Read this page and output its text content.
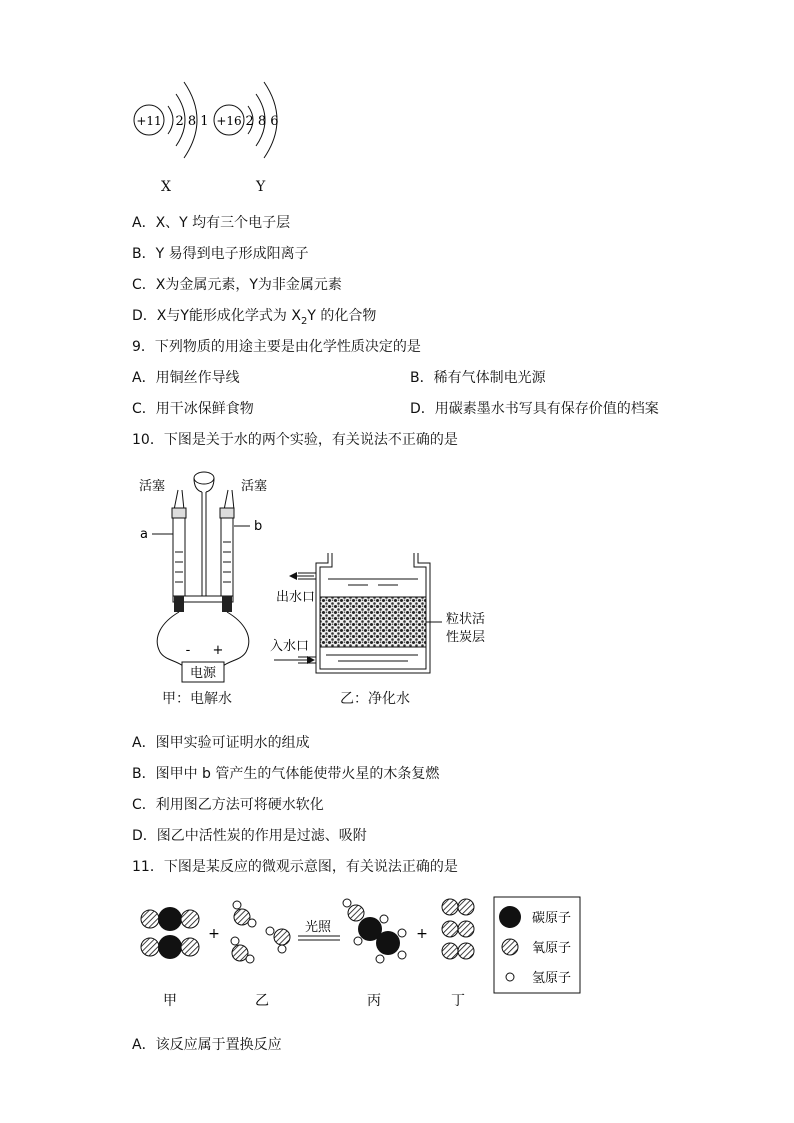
+11 2 8 1 +16 2 8 6
X	Y
A．X、Y 均有三个电子层
B．Y 易得到电子形成阳离子
C．X为金属元素，Y为非金属元素
D．X与Y能形成化学式为 $X_2Y$ 的化合物
9．下列物质的用途主要是由化学性质决定的是
A．用铜丝作导线	B．稀有气体制电光源
C．用干冰保鲜食物	D．用碳素墨水书写具有保存价值的档案
10．下图是关于水的两个实验，有关说法不正确的是
活塞	活塞
a
b
- +
电源
甲：电解水
出水口
入水口
粒状活
性炭层
乙：净化水
A．图甲实验可证明水的组成
B．图甲中 b 管产生的气体能使带火星的木条复燃
C．利用图乙方法可将硬水软化
D．图乙中活性炭的作用是过滤、吸附
11．下图是某反应的微观示意图，有关说法正确的是
+	光照	+
碳原子
氧原子
氢原子
甲	乙	丙	丁
A．该反应属于置换反应
